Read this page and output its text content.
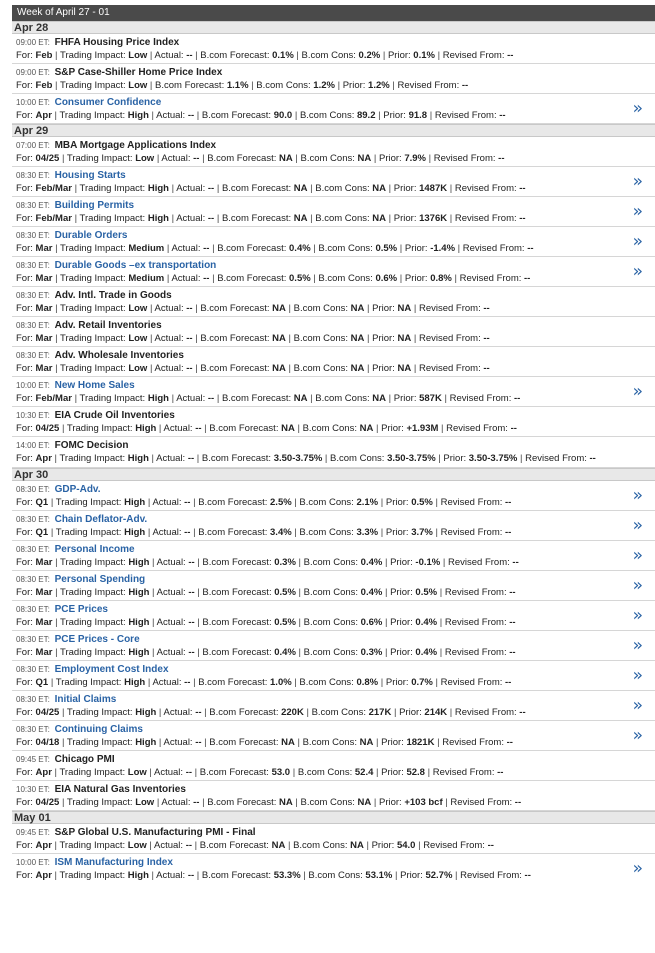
Week of April 27 - 01
Apr 28
09:00 ET: FHFA Housing Price Index
For: Feb | Trading Impact: Low | Actual: -- | B.com Forecast: 0.1% | B.com Cons: 0.2% | Prior: 0.1% | Revised From: --
09:00 ET: S&P Case-Shiller Home Price Index
For: Feb | Trading Impact: Low | B.com Forecast: 1.1% | B.com Cons: 1.2% | Prior: 1.2% | Revised From: --
10:00 ET: Consumer Confidence
For: Apr | Trading Impact: High | Actual: -- | B.com Forecast: 90.0 | B.com Cons: 89.2 | Prior: 91.8 | Revised From: --	»
Apr 29
07:00 ET: MBA Mortgage Applications Index
For: 04/25 | Trading Impact: Low | Actual: -- | B.com Forecast: NA | B.com Cons: NA | Prior: 7.9% | Revised From: --
08:30 ET: Housing Starts
For: Feb/Mar | Trading Impact: High | Actual: -- | B.com Forecast: NA | B.com Cons: NA | Prior: 1487K | Revised From: --	»
08:30 ET: Building Permits
For: Feb/Mar | Trading Impact: High | Actual: -- | B.com Forecast: NA | B.com Cons: NA | Prior: 1376K | Revised From: --	»
08:30 ET: Durable Orders
For: Mar | Trading Impact: Medium | Actual: -- | B.com Forecast: 0.4% | B.com Cons: 0.5% | Prior: -1.4% | Revised From: --	»
08:30 ET: Durable Goods –ex transportation
For: Mar | Trading Impact: Medium | Actual: -- | B.com Forecast: 0.5% | B.com Cons: 0.6% | Prior: 0.8% | Revised From: --	»
08:30 ET: Adv. Intl. Trade in Goods
For: Mar | Trading Impact: Low | Actual: -- | B.com Forecast: NA | B.com Cons: NA | Prior: NA | Revised From: --
08:30 ET: Adv. Retail Inventories
For: Mar | Trading Impact: Low | Actual: -- | B.com Forecast: NA | B.com Cons: NA | Prior: NA | Revised From: --
08:30 ET: Adv. Wholesale Inventories
For: Mar | Trading Impact: Low | Actual: -- | B.com Forecast: NA | B.com Cons: NA | Prior: NA | Revised From: --
10:00 ET: New Home Sales
For: Feb/Mar | Trading Impact: High | Actual: -- | B.com Forecast: NA | B.com Cons: NA | Prior: 587K | Revised From: --	»
10:30 ET: EIA Crude Oil Inventories
For: 04/25 | Trading Impact: High | Actual: -- | B.com Forecast: NA | B.com Cons: NA | Prior: +1.93M | Revised From: --
14:00 ET: FOMC Decision
For: Apr | Trading Impact: High | Actual: -- | B.com Forecast: 3.50-3.75% | B.com Cons: 3.50-3.75% | Prior: 3.50-3.75% | Revised From: --
Apr 30
08:30 ET: GDP-Adv.
For: Q1 | Trading Impact: High | Actual: -- | B.com Forecast: 2.5% | B.com Cons: 2.1% | Prior: 0.5% | Revised From: --	»
08:30 ET: Chain Deflator-Adv.
For: Q1 | Trading Impact: High | Actual: -- | B.com Forecast: 3.4% | B.com Cons: 3.3% | Prior: 3.7% | Revised From: --	»
08:30 ET: Personal Income
For: Mar | Trading Impact: High | Actual: -- | B.com Forecast: 0.3% | B.com Cons: 0.4% | Prior: -0.1% | Revised From: --	»
08:30 ET: Personal Spending
For: Mar | Trading Impact: High | Actual: -- | B.com Forecast: 0.5% | B.com Cons: 0.4% | Prior: 0.5% | Revised From: --	»
08:30 ET: PCE Prices
For: Mar | Trading Impact: High | Actual: -- | B.com Forecast: 0.5% | B.com Cons: 0.6% | Prior: 0.4% | Revised From: --	»
08:30 ET: PCE Prices - Core
For: Mar | Trading Impact: High | Actual: -- | B.com Forecast: 0.4% | B.com Cons: 0.3% | Prior: 0.4% | Revised From: --	»
08:30 ET: Employment Cost Index
For: Q1 | Trading Impact: High | Actual: -- | B.com Forecast: 1.0% | B.com Cons: 0.8% | Prior: 0.7% | Revised From: --	»
08:30 ET: Initial Claims
For: 04/25 | Trading Impact: High | Actual: -- | B.com Forecast: 220K | B.com Cons: 217K | Prior: 214K | Revised From: --	»
08:30 ET: Continuing Claims
For: 04/18 | Trading Impact: High | Actual: -- | B.com Forecast: NA | B.com Cons: NA | Prior: 1821K | Revised From: --	»
09:45 ET: Chicago PMI
For: Apr | Trading Impact: Low | Actual: -- | B.com Forecast: 53.0 | B.com Cons: 52.4 | Prior: 52.8 | Revised From: --
10:30 ET: EIA Natural Gas Inventories
For: 04/25 | Trading Impact: Low | Actual: -- | B.com Forecast: NA | B.com Cons: NA | Prior: +103 bcf | Revised From: --
May 01
09:45 ET: S&P Global U.S. Manufacturing PMI - Final
For: Apr | Trading Impact: Low | Actual: -- | B.com Forecast: NA | B.com Cons: NA | Prior: 54.0 | Revised From: --
10:00 ET: ISM Manufacturing Index
For: Apr | Trading Impact: High | Actual: -- | B.com Forecast: 53.3% | B.com Cons: 53.1% | Prior: 52.7% | Revised From: --	»
